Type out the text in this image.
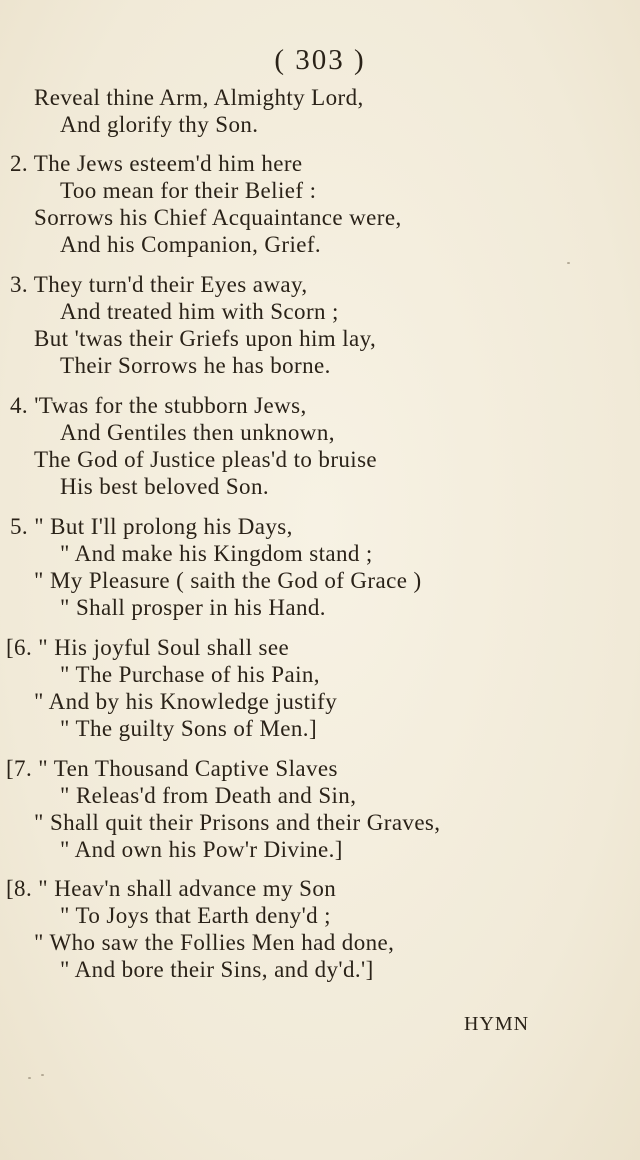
( 303 )
Reveal thine Arm, Almighty Lord,
And glorify thy Son.
2. The Jews esteem'd him here
Too mean for their Belief :
Sorrows his Chief Acquaintance were,
And his Companion, Grief.
3. They turn'd their Eyes away,
And treated him with Scorn ;
But 'twas their Griefs upon him lay,
Their Sorrows he has borne.
4. 'Twas for the stubborn Jews,
And Gentiles then unknown,
The God of Justice pleas'd to bruise
His best beloved Son.
5. " But I'll prolong his Days,
" And make his Kingdom stand ;
" My Pleasure ( saith the God of Grace )
" Shall prosper in his Hand.
[6. " His joyful Soul shall see
" The Purchase of his Pain,
" And by his Knowledge justify
" The guilty Sons of Men.]
[7. " Ten Thousand Captive Slaves
" Releas'd from Death and Sin,
" Shall quit their Prisons and their Graves,
" And own his Pow'r Divine.]
[8. " Heav'n shall advance my Son
" To Joys that Earth deny'd ;
" Who saw the Follies Men had done,
" And bore their Sins, and dy'd.']
HYMN
